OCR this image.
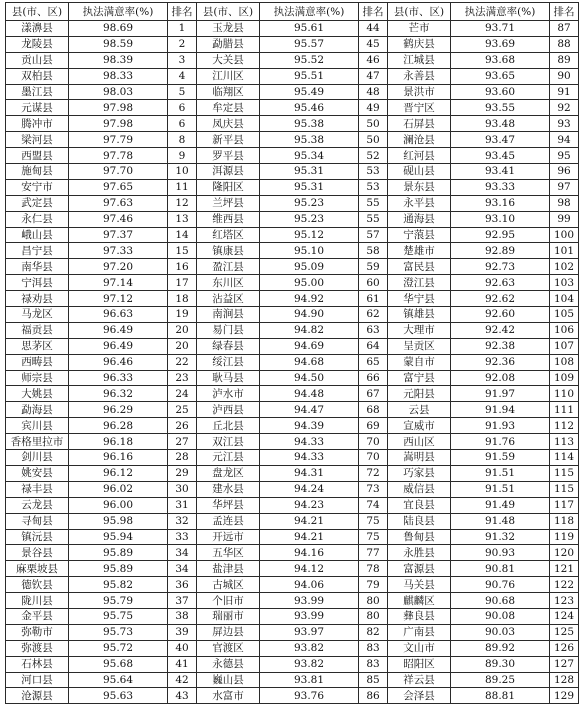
县(市、区)	执法满意率(%)	排名	县(市、区)	执法满意率(%)	排名	县(市、区)	执法满意率(%)	排名
漾濞县	98.69	1	玉龙县	95.61	44	芒市	93.71	87
龙陵县	98.59	2	勐腊县	95.57	45	鹤庆县	93.69	88
贡山县	98.39	3	大关县	95.52	46	江城县	93.68	89
双柏县	98.33	4	江川区	95.51	47	永善县	93.65	90
墨江县	98.03	5	临翔区	95.49	48	景洪市	93.60	91
元谋县	97.98	6	牟定县	95.46	49	晋宁区	93.55	92
腾冲市	97.98	6	凤庆县	95.38	50	石屏县	93.48	93
梁河县	97.79	8	新平县	95.38	50	澜沧县	93.47	94
西盟县	97.78	9	罗平县	95.34	52	红河县	93.45	95
施甸县	97.70	10	洱源县	95.31	53	砚山县	93.41	96
安宁市	97.65	11	隆阳区	95.31	53	景东县	93.33	97
武定县	97.63	12	兰坪县	95.23	55	永平县	93.16	98
永仁县	97.46	13	维西县	95.23	55	通海县	93.10	99
峨山县	97.37	14	红塔区	95.12	57	宁蒗县	92.95	100
昌宁县	97.33	15	镇康县	95.10	58	楚雄市	92.89	101
南华县	97.20	16	盈江县	95.09	59	富民县	92.73	102
宁洱县	97.14	17	东川区	95.00	60	澄江县	92.63	103
禄劝县	97.12	18	沾益区	94.92	61	华宁县	92.62	104
马龙区	96.63	19	南涧县	94.90	62	镇雄县	92.60	105
福贡县	96.49	20	易门县	94.82	63	大理市	92.42	106
思茅区	96.49	20	绿春县	94.69	64	呈贡区	92.38	107
西畴县	96.46	22	绥江县	94.68	65	蒙自市	92.36	108
师宗县	96.33	23	耿马县	94.50	66	富宁县	92.08	109
大姚县	96.32	24	泸水市	94.48	67	元阳县	91.97	110
勐海县	96.29	25	泸西县	94.47	68	云县	91.94	111
宾川县	96.28	26	丘北县	94.39	69	宣威市	91.93	112
香格里拉市	96.18	27	双江县	94.33	70	西山区	91.76	113
剑川县	96.16	28	元江县	94.33	70	嵩明县	91.59	114
姚安县	96.12	29	盘龙区	94.31	72	巧家县	91.51	115
禄丰县	96.02	30	建水县	94.24	73	威信县	91.51	115
云龙县	96.00	31	华坪县	94.23	74	宜良县	91.49	117
寻甸县	95.98	32	孟连县	94.21	75	陆良县	91.48	118
镇沅县	95.94	33	开远市	94.21	75	鲁甸县	91.32	119
景谷县	95.89	34	五华区	94.16	77	永胜县	90.93	120
麻栗坡县	95.89	34	盐津县	94.12	78	富源县	90.81	121
德钦县	95.82	36	古城区	94.06	79	马关县	90.76	122
陇川县	95.79	37	个旧市	93.99	80	麒麟区	90.68	123
金平县	95.75	38	瑞丽市	93.99	80	彝良县	90.08	124
弥勒市	95.73	39	屏边县	93.97	82	广南县	90.03	125
弥渡县	95.72	40	官渡区	93.82	83	文山市	89.92	126
石林县	95.68	41	永德县	93.82	83	昭阳区	89.30	127
河口县	95.64	42	巍山县	93.81	85	祥云县	89.25	128
沧源县	95.63	43	水富市	93.76	86	会泽县	88.81	129
